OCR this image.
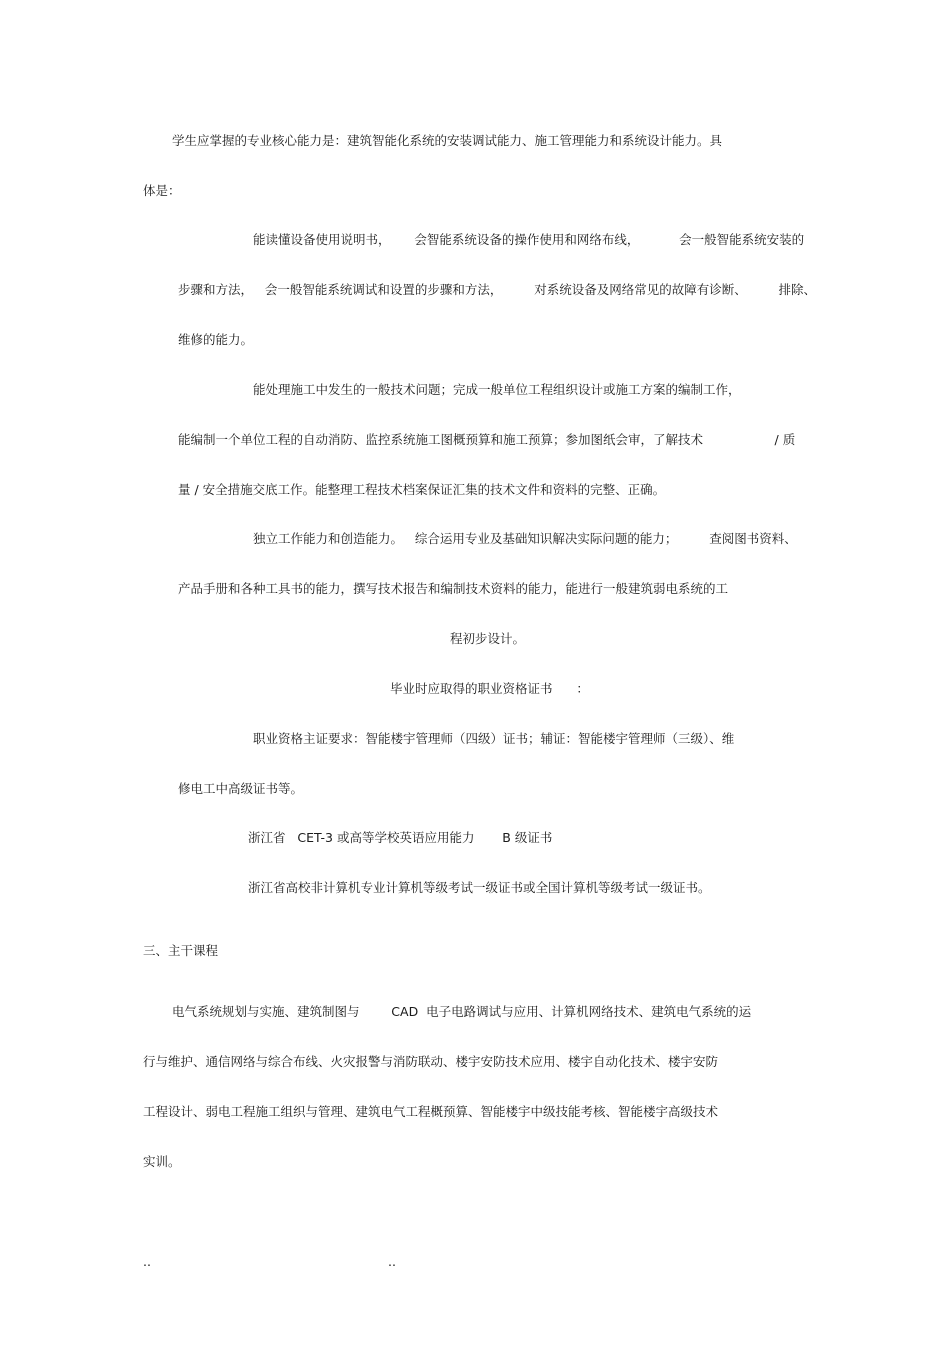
学生应掌握的专业核心能力是：建筑智能化系统的安装调试能力、施工管理能力和系统设计能力。具
体是：
能读懂设备使用说明书，      会智能系统设备的操作使用和网络布线，          会一般智能系统安装的
步骤和方法，   会一般智能系统调试和设置的步骤和方法，        对系统设备及网络常见的故障有诊断、        排除、
维修的能力。
能处理施工中发生的一般技术问题；完成一般单位工程组织设计或施工方案的编制工作，
能编制一个单位工程的自动消防、监控系统施工图概预算和施工预算；参加图纸会审，了解技术                  / 质
量 / 安全措施交底工作。能整理工程技术档案保证汇集的技术文件和资料的完整、正确。
独立工作能力和创造能力。   综合运用专业及基础知识解决实际问题的能力；        查阅图书资料、
产品手册和各种工具书的能力，撰写技术报告和编制技术资料的能力，能进行一般建筑弱电系统的工
程初步设计。
毕业时应取得的职业资格证书      ：
职业资格主证要求：智能楼宇管理师（四级）证书；辅证：智能楼宇管理师（三级）、维
修电工中高级证书等。
浙江省   CET-3 或高等学校英语应用能力       B 级证书
浙江省高校非计算机专业计算机等级考试一级证书或全国计算机等级考试一级证书。
三、主干课程
电气系统规划与实施、建筑制图与        CAD  电子电路调试与应用、计算机网络技术、建筑电气系统的运
行与维护、通信网络与综合布线、火灾报警与消防联动、楼宇安防技术应用、楼宇自动化技术、楼宇安防
工程设计、弱电工程施工组织与管理、建筑电气工程概预算、智能楼宇中级技能考核、智能楼宇高级技术
实训。
..	..
